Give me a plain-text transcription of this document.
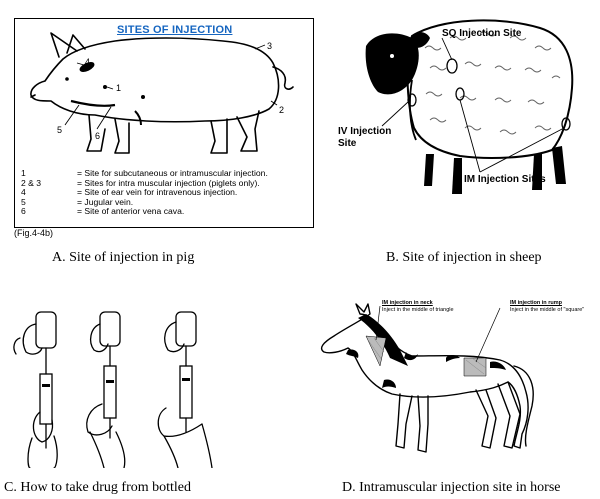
SITES OF INJECTION
4
1
3
2
5
6
1	= Site for subcutaneous or intramuscular injection.
2 & 3	= Sites for intra muscular injection (piglets only).
4	= Site of ear vein for intravenous injection.
5	= Jugular vein.
6	= Site of anterior vena cava.
(Fig.4-4b)
A. Site of injection in pig
SQ Injection Site
IV Injection Site
IM Injection Sites
B. Site of injection in sheep
C. How to take drug from bottled
IM injection in neck
Inject in the middle of triangle
IM injection in rump
Inject in the middle of "square"
D. Intramuscular injection site in horse
